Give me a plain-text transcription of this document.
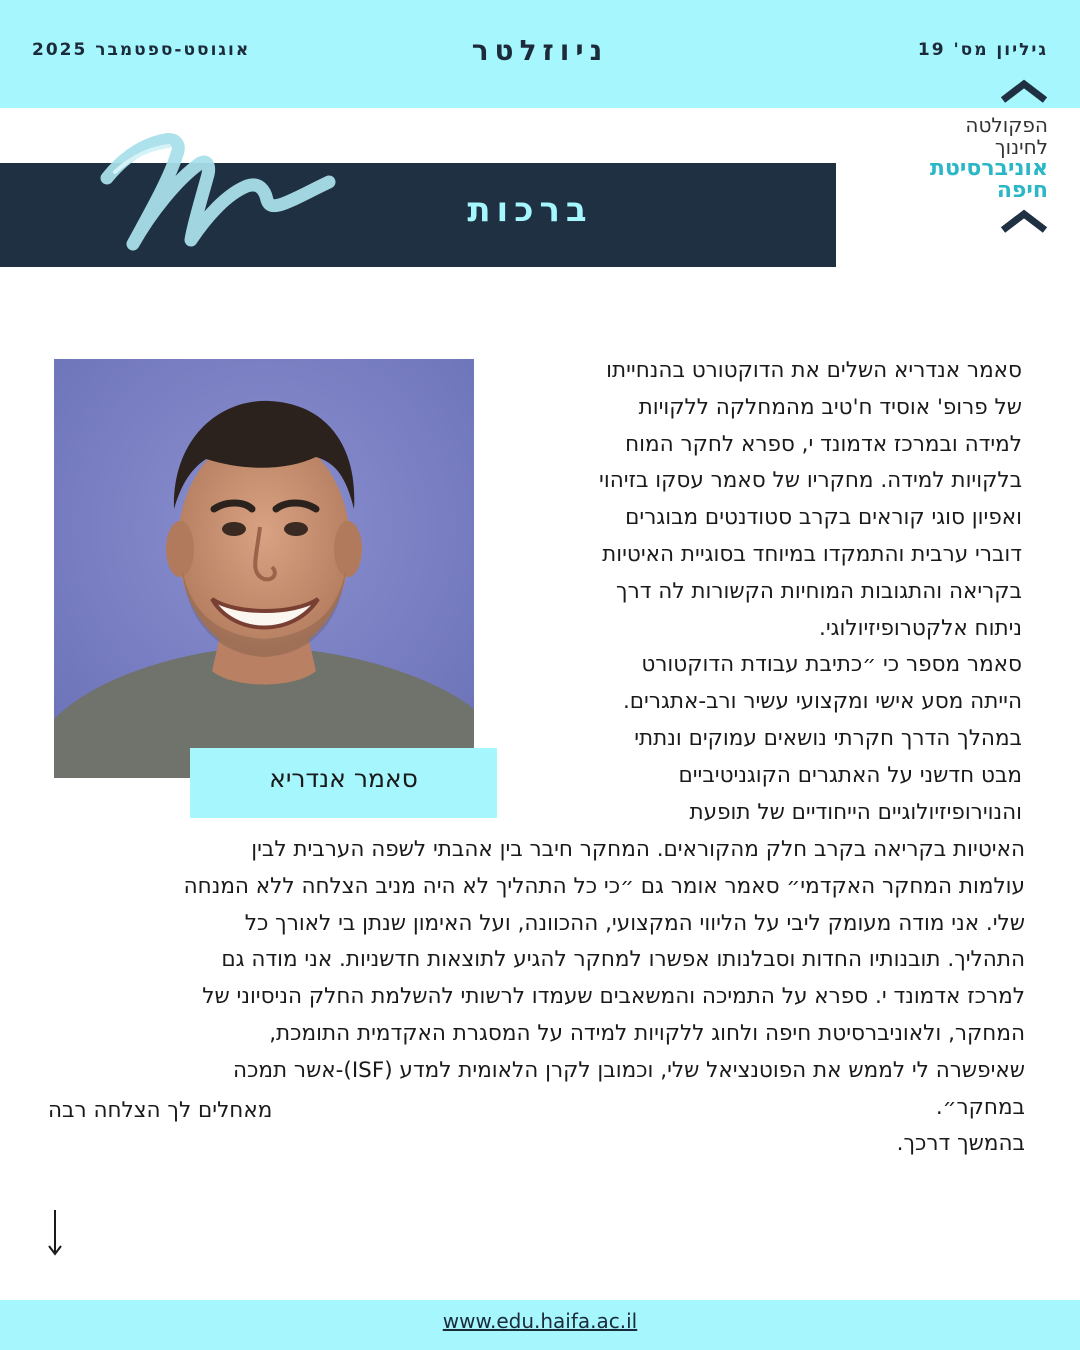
אוגוסט-ספטמבר 2025	ניוזלטר	גיליון מס' 19
הפקולטה
לחינוך
אוניברסיטת
חיפה
ברכות
סאמר אנדריא
סאמר אנדריא השלים את הדוקטורט בהנחייתו
של פרופ' אוסיד ח'טיב מהמחלקה ללקויות
למידה ובמרכז אדמונד י, ספרא לחקר המוח
בלקויות למידה. מחקריו של סאמר עסקו בזיהוי
ואפיון סוגי קוראים בקרב סטודנטים מבוגרים
דוברי ערבית והתמקדו במיוחד בסוגיית האיטיות
בקריאה והתגובות המוחיות הקשורות לה דרך
ניתוח אלקטרופיזיולוגי.
סאמר מספר כי ״כתיבת עבודת הדוקטורט
הייתה מסע אישי ומקצועי עשיר ורב-אתגרים.
במהלך הדרך חקרתי נושאים עמוקים ונתתי
מבט חדשני על האתגרים הקוגניטיביים
והנוירופיזיולוגיים הייחודיים של תופעת
האיטיות בקריאה בקרב חלק מהקוראים. המחקר חיבר בין אהבתי לשפה הערבית לבין
עולמות המחקר האקדמי״ סאמר אומר גם ״כי כל התהליך לא היה מניב הצלחה ללא המנחה
שלי. אני מודה מעומק ליבי על הליווי המקצועי, ההכוונה, ועל האימון שנתן בי לאורך כל
התהליך. תובנותיו החדות וסבלנותו אפשרו למחקר להגיע לתוצאות חדשניות. אני מודה גם
למרכז אדמונד י. ספרא על התמיכה והמשאבים שעמדו לרשותי להשלמת החלק הניסיוני של
המחקר, ולאוניברסיטת חיפה ולחוג ללקויות למידה על המסגרת האקדמית התומכת,
שאיפשרה לי לממש את הפוטנציאל שלי, וכמובן לקרן הלאומית למדע (ISF)-אשר תמכה
במחקר״.
בהמשך דרכך.
מאחלים לך הצלחה רבה
www.edu.haifa.ac.il
